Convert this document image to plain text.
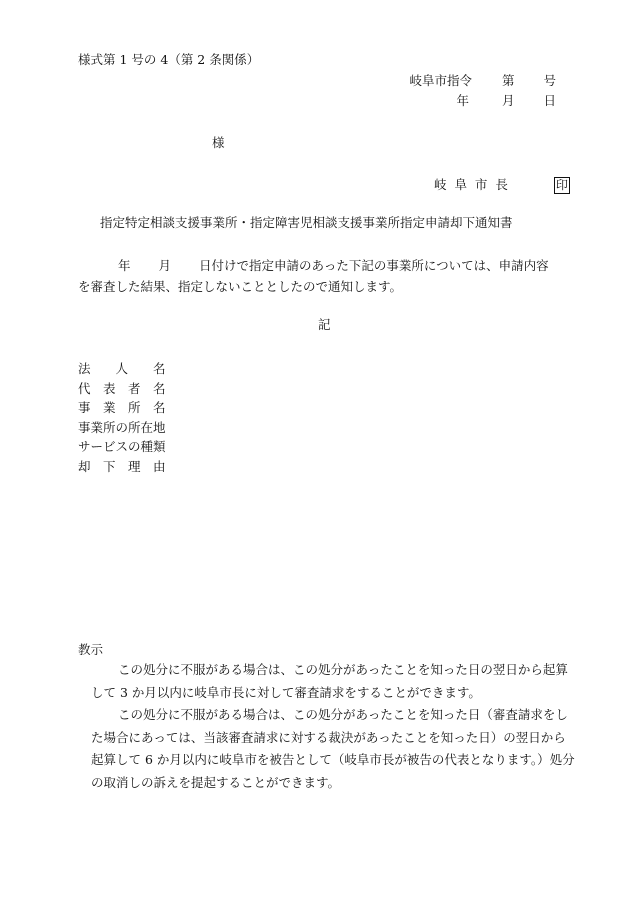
様式第 1 号の 4（第 2 条関係）
岐阜市指令 第 号
年	月 日
様
岐  阜  市  長	印
指定特定相談支援事業所・指定障害児相談支援事業所指定申請却下通知書
年 月 日付けで指定申請のあった下記の事業所については、申請内容
を審査した結果、指定しないこととしたので通知します。
記
法　　人　　名
代　表　者　名
事　業　所　名
事業所の所在地
サービスの種類
却　下　理　由
教示

この処分に不服がある場合は、この処分があったことを知った日の翌日から起算して 3 か月以内に岐阜市長に対して審査請求をすることができます。

この処分に不服がある場合は、この処分があったことを知った日（審査請求をした場合にあっては、当該審査請求に対する裁決があったことを知った日）の翌日から起算して 6 か月以内に岐阜市を被告として（岐阜市長が被告の代表となります。）処分の取消しの訴えを提起することができます。
